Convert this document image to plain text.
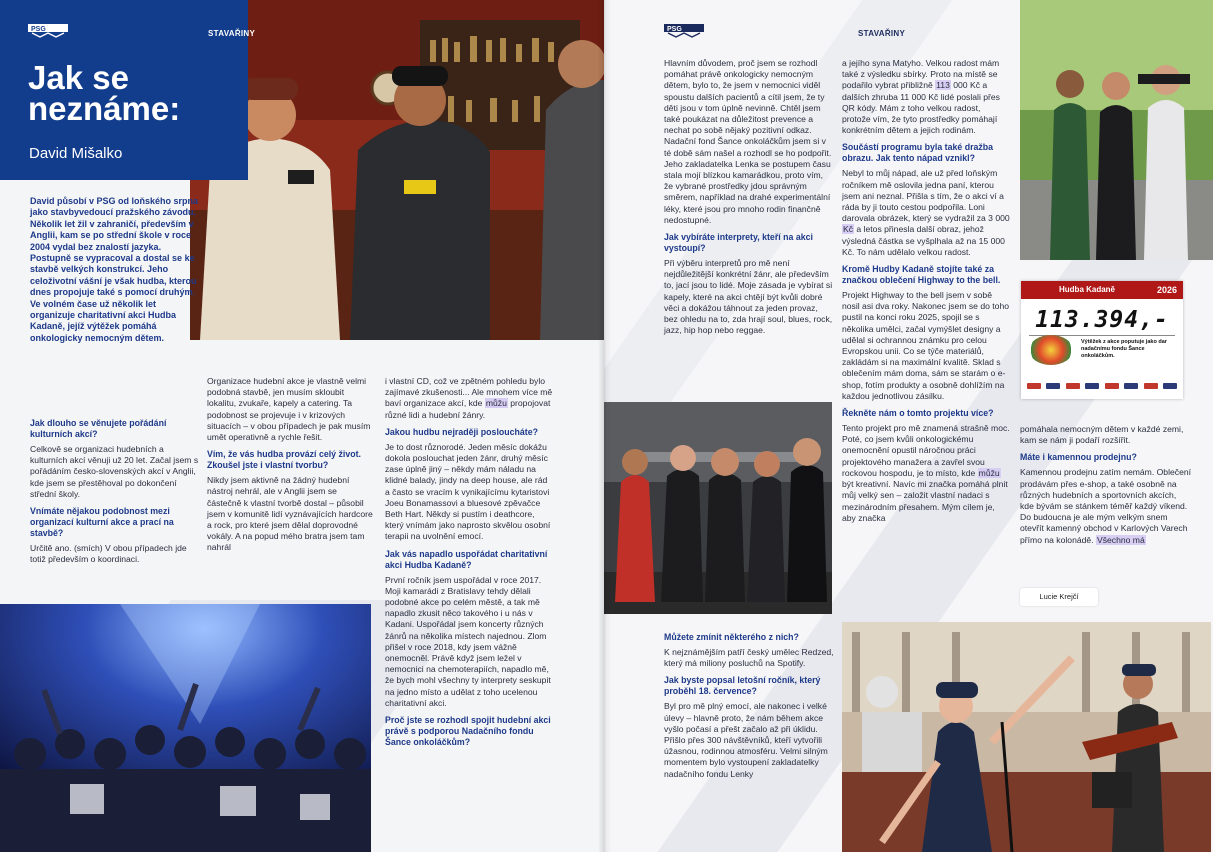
PSG
Jak se neznáme:
David Mišalko
STAVAŘINY
David působí v PSG od loňského srpna jako stavbyvedoucí pražského závodu. Několik let žil v zahraničí, především v Anglii, kam se po střední škole v roce 2004 vydal bez znalostí jazyka. Postupně se vypracoval a dostal se ke stavbě velkých konstrukcí. Jeho celoživotní vášní je však hudba, kterou dnes propojuje také s pomocí druhým. Ve volném čase už několik let organizuje charitativní akci Hudba Kadaně, jejíž výtěžek pomáhá onkologicky nemocným dětem.
Jak dlouho se věnujete pořádání kulturních akcí?

Celkově se organizaci hudebních a kulturních akcí věnuji už 20 let. Začal jsem s pořádáním česko-slovenských akcí v Anglii, kde jsem se přestěhoval po dokončení střední školy.

Vnímáte nějakou podobnost mezi organizací kulturní akce a prací na stavbě?

Určitě ano. (smích) V obou případech jde totiž především o koordinaci.

Organizace hudební akce je vlastně velmi podobná stavbě, jen musím skloubit lokalitu, zvukaře, kapely a catering. Ta podobnost se projevuje i v krizových situacích – v obou případech je pak musím umět operativně a rychle řešit.

Vím, že vás hudba provází celý život. Zkoušel jste i vlastní tvorbu?

Nikdy jsem aktivně na žádný hudební nástroj nehrál, ale v Anglii jsem se částečně k vlastní tvorbě dostal – působil jsem v komunitě lidí vyznávajících hardcore a rock, pro které jsem dělal doprovodné vokály. A na popud mého bratra jsem tam nahrál

i vlastní CD, což ve zpětném pohledu bylo zajímavé zkušenosti... Ale mnohem více mě baví organizace akcí, kde můžu propojovat různé lidi a hudební žánry.

Jakou hudbu nejraději posloucháte?

Je to dost různorodé. Jeden měsíc dokážu dokola poslouchat jeden žánr, druhý měsíc zase úplně jiný – někdy mám náladu na klidné balady, jindy na deep house, ale rád a často se vracím k vynikajícímu kytaristovi Joeu Bonamassovi a bluesové zpěvačce Beth Hart. Někdy si pustím i deathcore, který vnímám jako naprosto skvělou osobní terapii na uvolnění emocí.

Jak vás napadlo uspořádat charitativní akci Hudba Kadaně?

První ročník jsem uspořádal v roce 2017. Moji kamarádi z Bratislavy tehdy dělali podobné akce po celém městě, a tak mě napadlo zkusit něco takového i u nás v Kadani. Uspořádal jsem koncerty různých žánrů na několika místech najednou. Zlom přišel v roce 2018, kdy jsem vážně onemocněl. Právě když jsem ležel v nemocnici na chemoterapiích, napadlo mě, že bych mohl všechny ty interprety seskupit na jedno místo a udělat z toho ucelenou charitativní akci.

Proč jste se rozhodl spojit hudební akci právě s podporou Nadačního fondu Šance onkoláčkům?
PSG	STAVAŘINY

Hlavním důvodem, proč jsem se rozhodl pomáhat právě onkologicky nemocným dětem, bylo to, že jsem v nemocnici viděl spoustu dalších pacientů a cítil jsem, že ty děti jsou v tom úplně nevinně. Chtěl jsem také poukázat na důležitost prevence a nechat po sobě nějaký pozitivní odkaz. Nadační fond Šance onkoláčkům jsem si v té době sám našel a rozhodl se ho podpořit. Jeho zakladatelka Lenka se postupem času stala mojí blízkou kamarádkou, proto vím, že vybrané prostředky jdou správným směrem, například na drahé experimentální léky, které jsou pro mnoho rodin finančně nedostupné.

Jak vybíráte interprety, kteří na akci vystoupí?

Při výběru interpretů pro mě není nejdůležitější konkrétní žánr, ale především to, jací jsou to lidé. Moje zásada je vybírat si kapely, které na akci chtějí být kvůli dobré věci a dokážou táhnout za jeden provaz, bez ohledu na to, zda hrají soul, blues, rock, jazz, hip hop nebo reggae.

Můžete zmínit některého z nich?

K nejznámějším patří český umělec Redzed, který má miliony posluchů na Spotify.

Jak byste popsal letošní ročník, který proběhl 18. července?

Byl pro mě plný emocí, ale nakonec i velké úlevy – hlavně proto, že nám během akce vyšlo počasí a přešt začalo až při úklidu. Přišlo přes 300 návštěvníků, kteří vytvořili úžasnou, rodinnou atmosféru. Velmi silným momentem bylo vystoupení zakladatelky nadačního fondu Lenky

a jejího syna Matyho. Velkou radost mám také z výsledku sbírky. Proto na místě se podařilo vybrat přibližně 113 000 Kč a dalších zhruba 11 000 Kč lidé poslali přes QR kódy. Mám z toho velkou radost, protože vím, že tyto prostředky pomáhají konkrétním dětem a jejich rodinám.

Součástí programu byla také dražba obrazu. Jak tento nápad vznikl?

Nebyl to můj nápad, ale už před loňským ročníkem mě oslovila jedna paní, kterou jsem ani neznal. Přišla s tím, že o akci ví a ráda by ji touto cestou podpořila. Loni darovala obrázek, který se vydražil za 3 000 Kč a letos přinesla další obraz, jehož výsledná částka se vyšplhala až na 15 000 Kč. To nám udělalo velkou radost.

Kromě Hudby Kadaně stojíte také za značkou oblečení Highway to the bell.

Projekt Highway to the bell jsem v sobě nosil asi dva roky. Nakonec jsem se do toho pustil na konci roku 2025, spojil se s několika umělci, začal vymýšlet designy a udělal si ochrannou známku pro celou Evropskou unii. Co se týče materiálů, zakládám si na maximální kvalitě. Sklad s oblečením mám doma, sám se starám o e-shop, fotím produkty a osobně dohlížím na každou jednotlivou zásilku.

Řekněte nám o tomto projektu více?

Tento projekt pro mě znamená strašně moc. Poté, co jsem kvůli onkologickému onemocnění opustil náročnou práci projektového manažera a zavřel svou rockovou hospodu, je to místo, kde můžu být kreativní. Navíc mi značka pomáhá plnit můj velký sen – založit vlastní nadaci s mezinárodním přesahem. Mým cílem je, aby značka

Hudba Kadaně	2026
113.394,-
Výtěžek z akce poputuje jako dar nadačnímu fondu Šance onkoláčkům.

pomáhala nemocným dětem v každé zemi, kam se nám ji podaří rozšířit.

Máte i kamennou prodejnu?

Kamennou prodejnu zatím nemám. Oblečení prodávám přes e-shop, a také osobně na různých hudebních a sportovních akcích, kde bývám se stánkem téměř každý víkend. Do budoucna je ale mým velkým snem otevřít kamenný obchod v Karlových Varech přímo na kolonádě. Všechno má

Lucie Krejčí
